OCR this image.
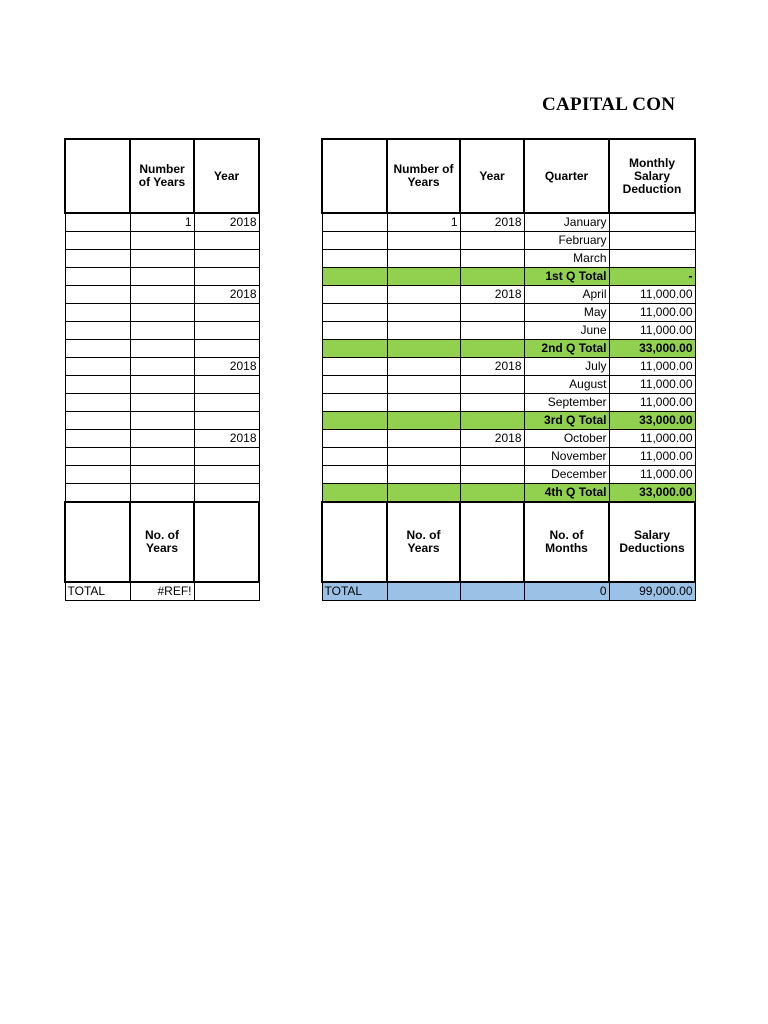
CAPITAL CON
	Number of Years	Year
	1	2018

		2018

		2018

		2018

	No. of Years	
TOTAL	#REF!	
	Number of Years	Year	Quarter	Monthly Salary Deduction
	1	2018	January	
			February	
			March	
			1st Q Total	-
		2018	April	11,000.00
			May	11,000.00
			June	11,000.00
			2nd Q Total	33,000.00
		2018	July	11,000.00
			August	11,000.00
			September	11,000.00
			3rd Q Total	33,000.00
		2018	October	11,000.00
			November	11,000.00
			December	11,000.00
			4th Q Total	33,000.00
	No. of Years		No. of Months	Salary Deductions
TOTAL			0	99,000.00
